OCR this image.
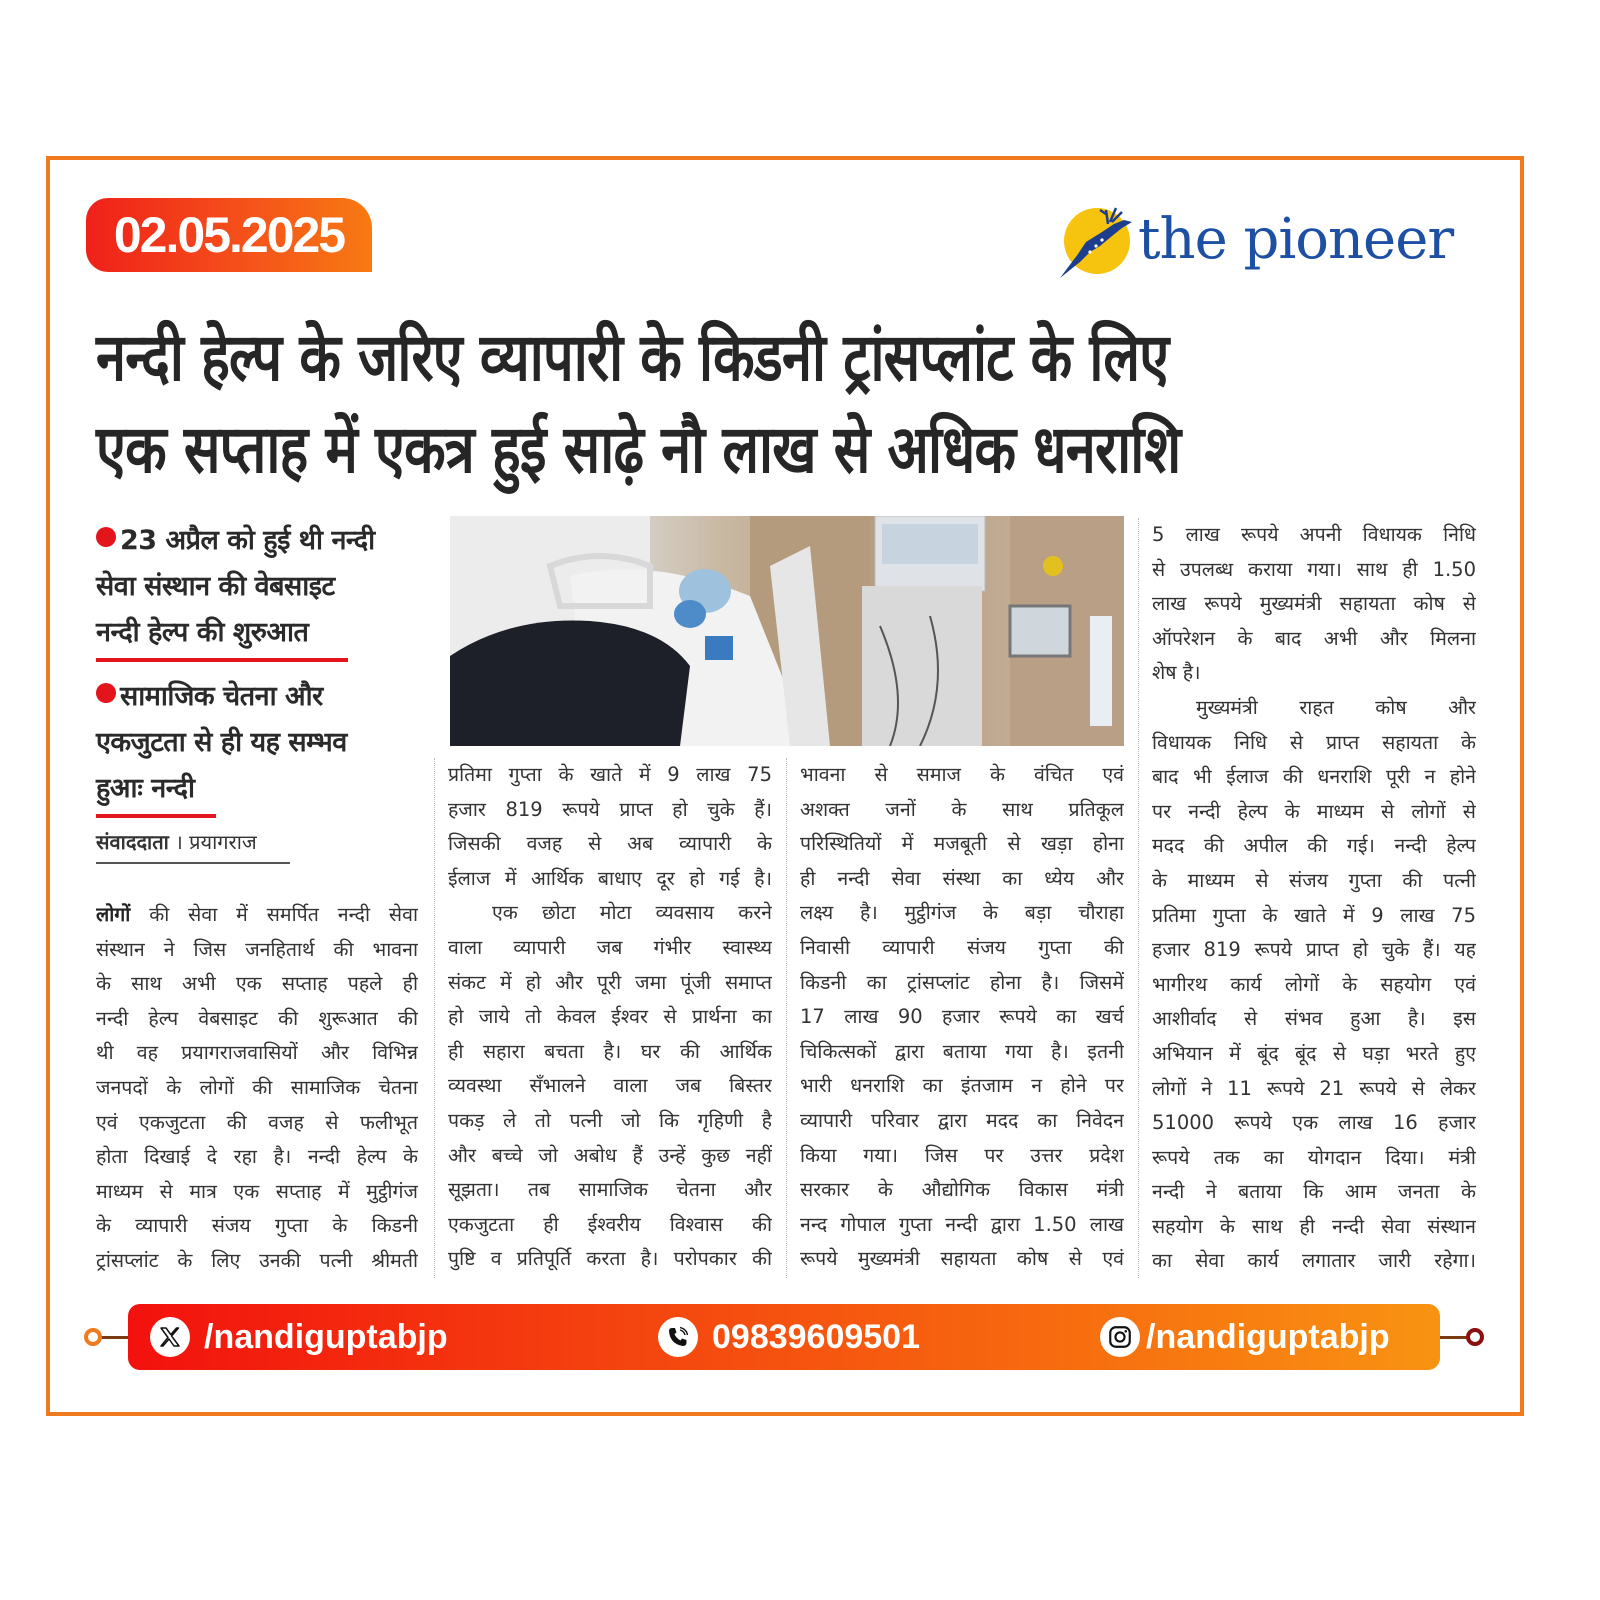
02.05.2025	the pioneer
नन्दी हेल्प के जरिए व्यापारी के किडनी ट्रांसप्लांट के लिए
एक सप्ताह में एकत्र हुई साढ़े नौ लाख से अधिक धनराशि
23 अप्रैल को हुई थी नन्दी
सेवा संस्थान की वेबसाइट
नन्दी हेल्प की शुरुआत
सामाजिक चेतना और
एकजुटता से ही यह सम्भव
हुआः नन्दी
संवाददाता । प्रयागराज
लोगों की सेवा में समर्पित नन्दी सेवा
संस्थान ने जिस जनहितार्थ की भावना
के साथ अभी एक सप्ताह पहले ही
नन्दी हेल्प वेबसाइट की शुरूआत की
थी वह प्रयागराजवासियों और विभिन्न
जनपदों के लोगों की सामाजिक चेतना
एवं एकजुटता की वजह से फलीभूत
होता दिखाई दे रहा है। नन्दी हेल्प के
माध्यम से मात्र एक सप्ताह में मुट्ठीगंज
के व्यापारी संजय गुप्ता के किडनी
ट्रांसप्लांट के लिए उनकी पत्नी श्रीमती
प्रतिमा गुप्ता के खाते में 9 लाख 75
हजार 819 रूपये प्राप्त हो चुके हैं।
जिसकी वजह से अब व्यापारी के
ईलाज में आर्थिक बाधाए दूर हो गई है।
एक छोटा मोटा व्यवसाय करने
वाला व्यापारी जब गंभीर स्वास्थ्य
संकट में हो और पूरी जमा पूंजी समाप्त
हो जाये तो केवल ईश्वर से प्रार्थना का
ही सहारा बचता है। घर की आर्थिक
व्यवस्था सँभालने वाला जब बिस्तर
पकड़ ले तो पत्नी जो कि गृहिणी है
और बच्चे जो अबोध हैं उन्हें कुछ नहीं
सूझता। तब सामाजिक चेतना और
एकजुटता ही ईश्वरीय विश्वास की
पुष्टि व प्रतिपूर्ति करता है। परोपकार की
भावना से समाज के वंचित एवं
अशक्त जनों के साथ प्रतिकूल
परिस्थितियों में मजबूती से खड़ा होना
ही नन्दी सेवा संस्था का ध्येय और
लक्ष्य है। मुट्ठीगंज के बड़ा चौराहा
निवासी व्यापारी संजय गुप्ता की
किडनी का ट्रांसप्लांट होना है। जिसमें
17 लाख 90 हजार रूपये का खर्च
चिकित्सकों द्वारा बताया गया है। इतनी
भारी धनराशि का इंतजाम न होने पर
व्यापारी परिवार द्वारा मदद का निवेदन
किया गया। जिस पर उत्तर प्रदेश
सरकार के औद्योगिक विकास मंत्री
नन्द गोपाल गुप्ता नन्दी द्वारा 1.50 लाख
रूपये मुख्यमंत्री सहायता कोष से एवं
5 लाख रूपये अपनी विधायक निधि
से उपलब्ध कराया गया। साथ ही 1.50
लाख रूपये मुख्यमंत्री सहायता कोष से
ऑपरेशन के बाद अभी और मिलना
शेष है।
मुख्यमंत्री राहत कोष और
विधायक निधि से प्राप्त सहायता के
बाद भी ईलाज की धनराशि पूरी न होने
पर नन्दी हेल्प के माध्यम से लोगों से
मदद की अपील की गई। नन्दी हेल्प
के माध्यम से संजय गुप्ता की पत्नी
प्रतिमा गुप्ता के खाते में 9 लाख 75
हजार 819 रूपये प्राप्त हो चुके हैं। यह
भागीरथ कार्य लोगों के सहयोग एवं
आशीर्वाद से संभव हुआ है। इस
अभियान में बूंद बूंद से घड़ा भरते हुए
लोगों ने 11 रूपये 21 रूपये से लेकर
51000 रूपये एक लाख 16 हजार
रूपये तक का योगदान दिया। मंत्री
नन्दी ने बताया कि आम जनता के
सहयोग के साथ ही नन्दी सेवा संस्थान
का सेवा कार्य लगातार जारी रहेगा।
/nandiguptabjp	09839609501	/nandiguptabjp
